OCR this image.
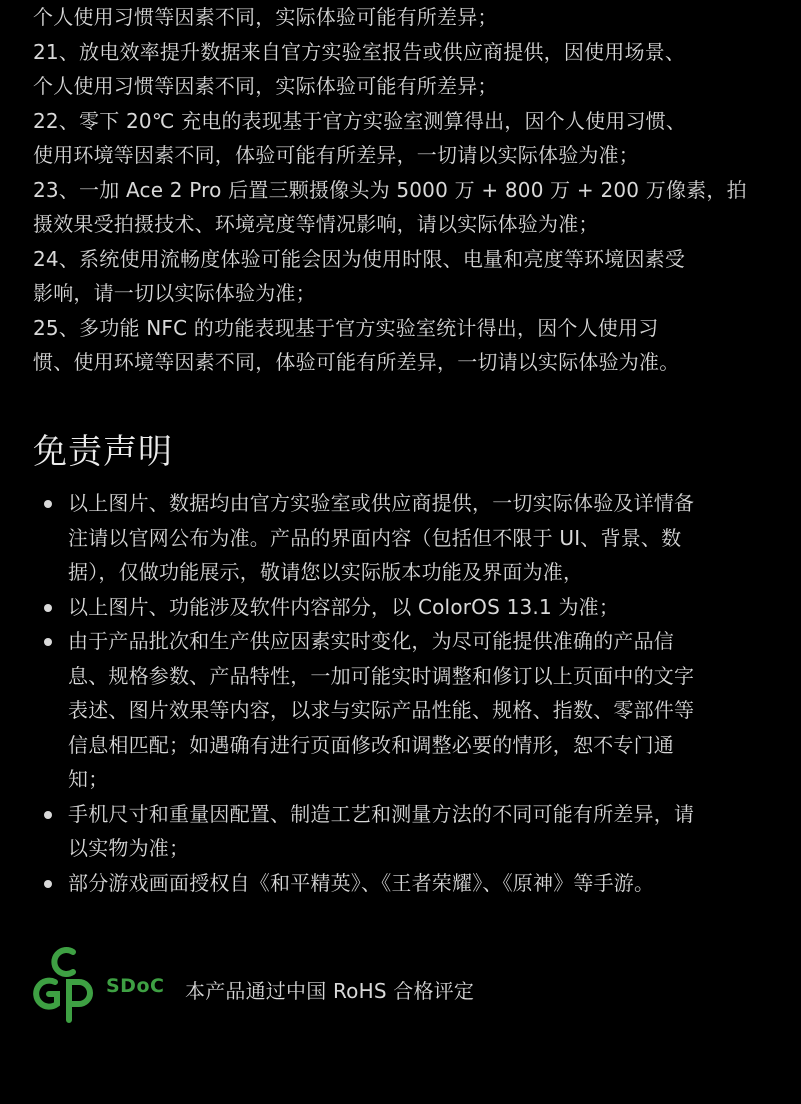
个人使用习惯等因素不同，实际体验可能有所差异；
21、放电效率提升数据来自官方实验室报告或供应商提供，因使用场景、
个人使用习惯等因素不同，实际体验可能有所差异；
22、零下 20℃ 充电的表现基于官方实验室测算得出，因个人使用习惯、
使用环境等因素不同，体验可能有所差异，一切请以实际体验为准；
23、一加 Ace 2 Pro 后置三颗摄像头为 5000 万 + 800 万 + 200 万像素，拍
摄效果受拍摄技术、环境亮度等情况影响，请以实际体验为准；
24、系统使用流畅度体验可能会因为使用时限、电量和亮度等环境因素受
影响，请一切以实际体验为准；
25、多功能 NFC 的功能表现基于官方实验室统计得出，因个人使用习
惯、使用环境等因素不同，体验可能有所差异，一切请以实际体验为准。
免责声明
以上图片、数据均由官方实验室或供应商提供，一切实际体验及详情备
注请以官网公布为准。产品的界面内容（包括但不限于 UI、背景、数
据），仅做功能展示，敬请您以实际版本功能及界面为准，
以上图片、功能涉及软件内容部分，以 ColorOS 13.1 为准；
由于产品批次和生产供应因素实时变化，为尽可能提供准确的产品信
息、规格参数、产品特性，一加可能实时调整和修订以上页面中的文字
表述、图片效果等内容，以求与实际产品性能、规格、指数、零部件等
信息相匹配；如遇确有进行页面修改和调整必要的情形，恕不专门通
知；
手机尺寸和重量因配置、制造工艺和测量方法的不同可能有所差异，请
以实物为准；
部分游戏画面授权自《和平精英》、《王者荣耀》、《原神》等手游。
SDoC 本产品通过中国 RoHS 合格评定
